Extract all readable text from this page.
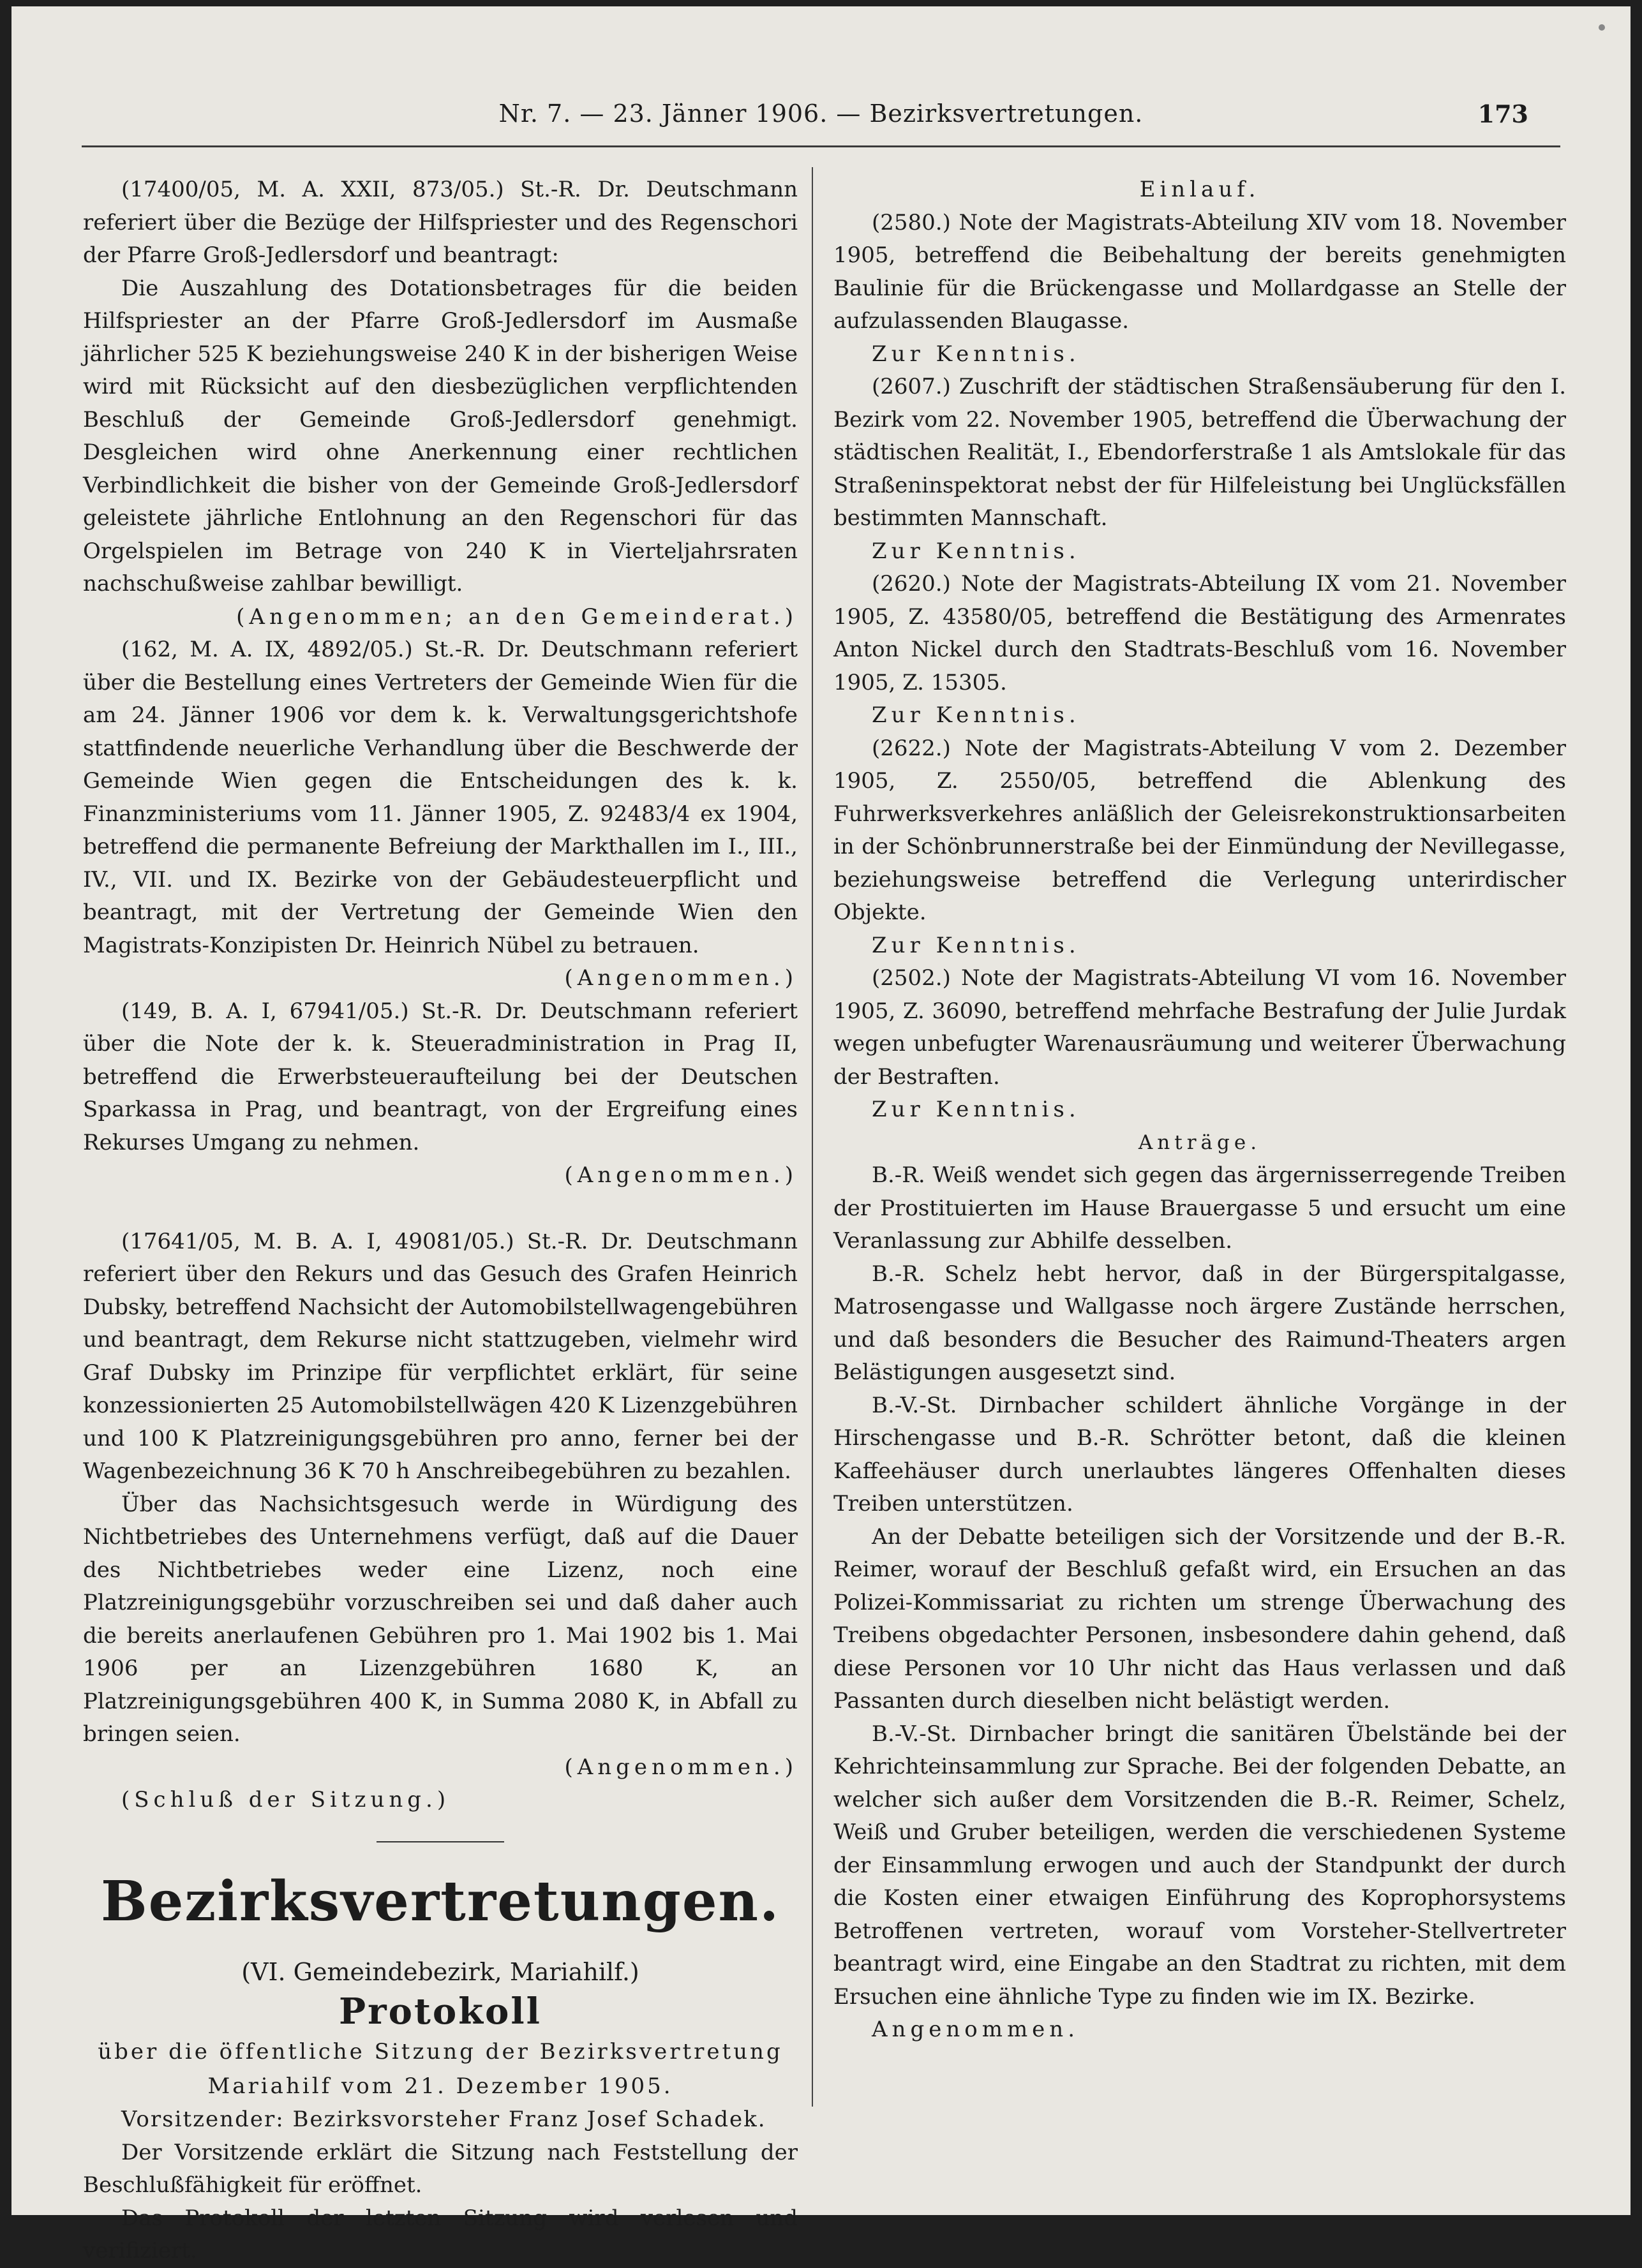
Nr. 7. — 23. Jänner 1906. — Bezirksvertretungen.	173

(17400/05, M. A. XXII, 873/05.) St.-R. Dr. Deutschmann referiert über die Bezüge der Hilfspriester und des Regenschori der Pfarre Groß-Jedlersdorf und beantragt:

Die Auszahlung des Dotationsbetrages für die beiden Hilfspriester an der Pfarre Groß-Jedlersdorf im Ausmaße jährlicher 525 K beziehungsweise 240 K in der bisherigen Weise wird mit Rücksicht auf den diesbezüglichen verpflichtenden Beschluß der Gemeinde Groß-Jedlersdorf genehmigt. Desgleichen wird ohne Anerkennung einer rechtlichen Verbindlichkeit die bisher von der Gemeinde Groß-Jedlersdorf geleistete jährliche Entlohnung an den Regenschori für das Orgelspielen im Betrage von 240 K in Vierteljahrsraten nachschußweise zahlbar bewilligt.

(Angenommen; an den Gemeinderat.)

(162, M. A. IX, 4892/05.) St.-R. Dr. Deutschmann referiert über die Bestellung eines Vertreters der Gemeinde Wien für die am 24. Jänner 1906 vor dem k. k. Verwaltungsgerichtshofe stattfindende neuerliche Verhandlung über die Beschwerde der Gemeinde Wien gegen die Entscheidungen des k. k. Finanzministeriums vom 11. Jänner 1905, Z. 92483/4 ex 1904, betreffend die permanente Befreiung der Markthallen im I., III., IV., VII. und IX. Bezirke von der Gebäudesteuerpflicht und beantragt, mit der Vertretung der Gemeinde Wien den Magistrats-Konzipisten Dr. Heinrich Nübel zu betrauen.

(Angenommen.)

(149, B. A. I, 67941/05.) St.-R. Dr. Deutschmann referiert über die Note der k. k. Steueradministration in Prag II, betreffend die Erwerbsteueraufteilung bei der Deutschen Sparkassa in Prag, und beantragt, von der Ergreifung eines Rekurses Umgang zu nehmen.

(Angenommen.)

(17641/05, M. B. A. I, 49081/05.) St.-R. Dr. Deutschmann referiert über den Rekurs und das Gesuch des Grafen Heinrich Dubsky, betreffend Nachsicht der Automobilstellwagengebühren und beantragt, dem Rekurse nicht stattzugeben, vielmehr wird Graf Dubsky im Prinzipe für verpflichtet erklärt, für seine konzessionierten 25 Automobilstellwägen 420 K Lizenzgebühren und 100 K Platzreinigungsgebühren pro anno, ferner bei der Wagenbezeichnung 36 K 70 h Anschreibegebühren zu bezahlen.

Über das Nachsichtsgesuch werde in Würdigung des Nichtbetriebes des Unternehmens verfügt, daß auf die Dauer des Nichtbetriebes weder eine Lizenz, noch eine Platzreinigungsgebühr vorzuschreiben sei und daß daher auch die bereits anerlaufenen Gebühren pro 1. Mai 1902 bis 1. Mai 1906 per an Lizenzgebühren 1680 K, an Platzreinigungsgebühren 400 K, in Summa 2080 K, in Abfall zu bringen seien.

(Angenommen.)

(Schluß der Sitzung.)

Bezirksvertretungen.

(VI. Gemeindebezirk, Mariahilf.)

Protokoll

über die öffentliche Sitzung der Bezirksvertretung

Mariahilf vom 21. Dezember 1905.

Vorsitzender: Bezirksvorsteher Franz Josef Schadek.

Der Vorsitzende erklärt die Sitzung nach Feststellung der Beschlußfähigkeit für eröffnet.

Das Protokoll der letzten Sitzung wird verlesen und verifiziert.

Einlauf.

(2580.) Note der Magistrats-Abteilung XIV vom 18. November 1905, betreffend die Beibehaltung der bereits genehmigten Baulinie für die Brückengasse und Mollardgasse an Stelle der aufzulassenden Blaugasse.

Zur Kenntnis.

(2607.) Zuschrift der städtischen Straßensäuberung für den I. Bezirk vom 22. November 1905, betreffend die Überwachung der städtischen Realität, I., Ebendorferstraße 1 als Amtslokale für das Straßeninspektorat nebst der für Hilfeleistung bei Unglücksfällen bestimmten Mannschaft.

Zur Kenntnis.

(2620.) Note der Magistrats-Abteilung IX vom 21. November 1905, Z. 43580/05, betreffend die Bestätigung des Armenrates Anton Nickel durch den Stadtrats-Beschluß vom 16. November 1905, Z. 15305.

Zur Kenntnis.

(2622.) Note der Magistrats-Abteilung V vom 2. Dezember 1905, Z. 2550/05, betreffend die Ablenkung des Fuhrwerksverkehres anläßlich der Geleisrekonstruktionsarbeiten in der Schönbrunnerstraße bei der Einmündung der Nevillegasse, beziehungsweise betreffend die Verlegung unterirdischer Objekte.

Zur Kenntnis.

(2502.) Note der Magistrats-Abteilung VI vom 16. November 1905, Z. 36090, betreffend mehrfache Bestrafung der Julie Jurdak wegen unbefugter Warenausräumung und weiterer Überwachung der Bestraften.

Zur Kenntnis.

Anträge.

B.-R. Weiß wendet sich gegen das ärgernisserregende Treiben der Prostituierten im Hause Brauergasse 5 und ersucht um eine Veranlassung zur Abhilfe desselben.

B.-R. Schelz hebt hervor, daß in der Bürgerspitalgasse, Matrosengasse und Wallgasse noch ärgere Zustände herrschen, und daß besonders die Besucher des Raimund-Theaters argen Belästigungen ausgesetzt sind.

B.-V.-St. Dirnbacher schildert ähnliche Vorgänge in der Hirschengasse und B.-R. Schrötter betont, daß die kleinen Kaffeehäuser durch unerlaubtes längeres Offenhalten dieses Treiben unterstützen.

An der Debatte beteiligen sich der Vorsitzende und der B.-R. Reimer, worauf der Beschluß gefaßt wird, ein Ersuchen an das Polizei-Kommissariat zu richten um strenge Überwachung des Treibens obgedachter Personen, insbesondere dahin gehend, daß diese Personen vor 10 Uhr nicht das Haus verlassen und daß Passanten durch dieselben nicht belästigt werden.

B.-V.-St. Dirnbacher bringt die sanitären Übelstände bei der Kehrichteinsammlung zur Sprache. Bei der folgenden Debatte, an welcher sich außer dem Vorsitzenden die B.-R. Reimer, Schelz, Weiß und Gruber beteiligen, werden die verschiedenen Systeme der Einsammlung erwogen und auch der Standpunkt der durch die Kosten einer etwaigen Einführung des Koprophorsystems Betroffenen vertreten, worauf vom Vorsteher-Stellvertreter beantragt wird, eine Eingabe an den Stadtrat zu richten, mit dem Ersuchen eine ähnliche Type zu finden wie im IX. Bezirke.

Angenommen.
